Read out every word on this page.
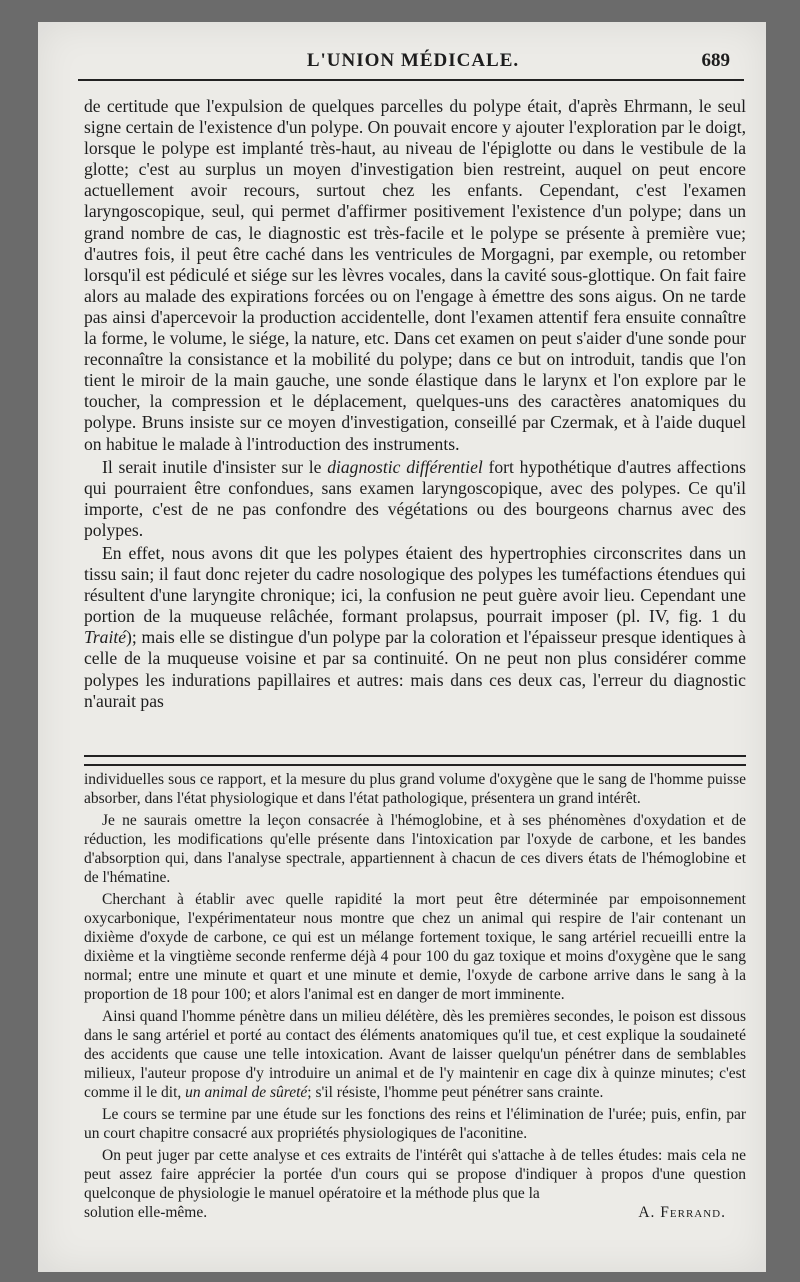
L'UNION MÉDICALE.	689

de certitude que l'expulsion de quelques parcelles du polype était, d'après Ehrmann, le seul signe certain de l'existence d'un polype. On pouvait encore y ajouter l'exploration par le doigt, lorsque le polype est implanté très-haut, au niveau de l'épiglotte ou dans le vestibule de la glotte; c'est au surplus un moyen d'investigation bien restreint, auquel on peut encore actuellement avoir recours, surtout chez les enfants. Cependant, c'est l'examen laryngoscopique, seul, qui permet d'affirmer positivement l'existence d'un polype; dans un grand nombre de cas, le diagnostic est très-facile et le polype se présente à première vue; d'autres fois, il peut être caché dans les ventricules de Morgagni, par exemple, ou retomber lorsqu'il est pédiculé et siége sur les lèvres vocales, dans la cavité sous-glottique. On fait faire alors au malade des expirations forcées ou on l'engage à émettre des sons aigus. On ne tarde pas ainsi d'apercevoir la production accidentelle, dont l'examen attentif fera ensuite connaître la forme, le volume, le siége, la nature, etc. Dans cet examen on peut s'aider d'une sonde pour reconnaître la consistance et la mobilité du polype; dans ce but on introduit, tandis que l'on tient le miroir de la main gauche, une sonde élastique dans le larynx et l'on explore par le toucher, la compression et le déplacement, quelques-uns des caractères anatomiques du polype. Bruns insiste sur ce moyen d'investigation, conseillé par Czermak, et à l'aide duquel on habitue le malade à l'introduction des instruments.

Il serait inutile d'insister sur le diagnostic différentiel fort hypothétique d'autres affections qui pourraient être confondues, sans examen laryngoscopique, avec des polypes. Ce qu'il importe, c'est de ne pas confondre des végétations ou des bourgeons charnus avec des polypes.

En effet, nous avons dit que les polypes étaient des hypertrophies circonscrites dans un tissu sain; il faut donc rejeter du cadre nosologique des polypes les tuméfactions étendues qui résultent d'une laryngite chronique; ici, la confusion ne peut guère avoir lieu. Cependant une portion de la muqueuse relâchée, formant prolapsus, pourrait imposer (pl. IV, fig. 1 du Traité); mais elle se distingue d'un polype par la coloration et l'épaisseur presque identiques à celle de la muqueuse voisine et par sa continuité. On ne peut non plus considérer comme polypes les indurations papillaires et autres: mais dans ces deux cas, l'erreur du diagnostic n'aurait pas

individuelles sous ce rapport, et la mesure du plus grand volume d'oxygène que le sang de l'homme puisse absorber, dans l'état physiologique et dans l'état pathologique, présentera un grand intérêt.

Je ne saurais omettre la leçon consacrée à l'hémoglobine, et à ses phénomènes d'oxydation et de réduction, les modifications qu'elle présente dans l'intoxication par l'oxyde de carbone, et les bandes d'absorption qui, dans l'analyse spectrale, appartiennent à chacun de ces divers états de l'hémoglobine et de l'hématine.

Cherchant à établir avec quelle rapidité la mort peut être déterminée par empoisonnement oxycarbonique, l'expérimentateur nous montre que chez un animal qui respire de l'air contenant un dixième d'oxyde de carbone, ce qui est un mélange fortement toxique, le sang artériel recueilli entre la dixième et la vingtième seconde renferme déjà 4 pour 100 du gaz toxique et moins d'oxygène que le sang normal; entre une minute et quart et une minute et demie, l'oxyde de carbone arrive dans le sang à la proportion de 18 pour 100; et alors l'animal est en danger de mort imminente.

Ainsi quand l'homme pénètre dans un milieu délétère, dès les premières secondes, le poison est dissous dans le sang artériel et porté au contact des éléments anatomiques qu'il tue, et cest explique la soudaineté des accidents que cause une telle intoxication. Avant de laisser quelqu'un pénétrer dans de semblables milieux, l'auteur propose d'y introduire un animal et de l'y maintenir en cage dix à quinze minutes; c'est comme il le dit, un animal de sûreté; s'il résiste, l'homme peut pénétrer sans crainte.

Le cours se termine par une étude sur les fonctions des reins et l'élimination de l'urée; puis, enfin, par un court chapitre consacré aux propriétés physiologiques de l'aconitine.

On peut juger par cette analyse et ces extraits de l'intérêt qui s'attache à de telles études: mais cela ne peut assez faire apprécier la portée d'un cours qui se propose d'indiquer à propos d'une question quelconque de physiologie le manuel opératoire et la méthode plus que la

solution elle-même.	A. Ferrand.
